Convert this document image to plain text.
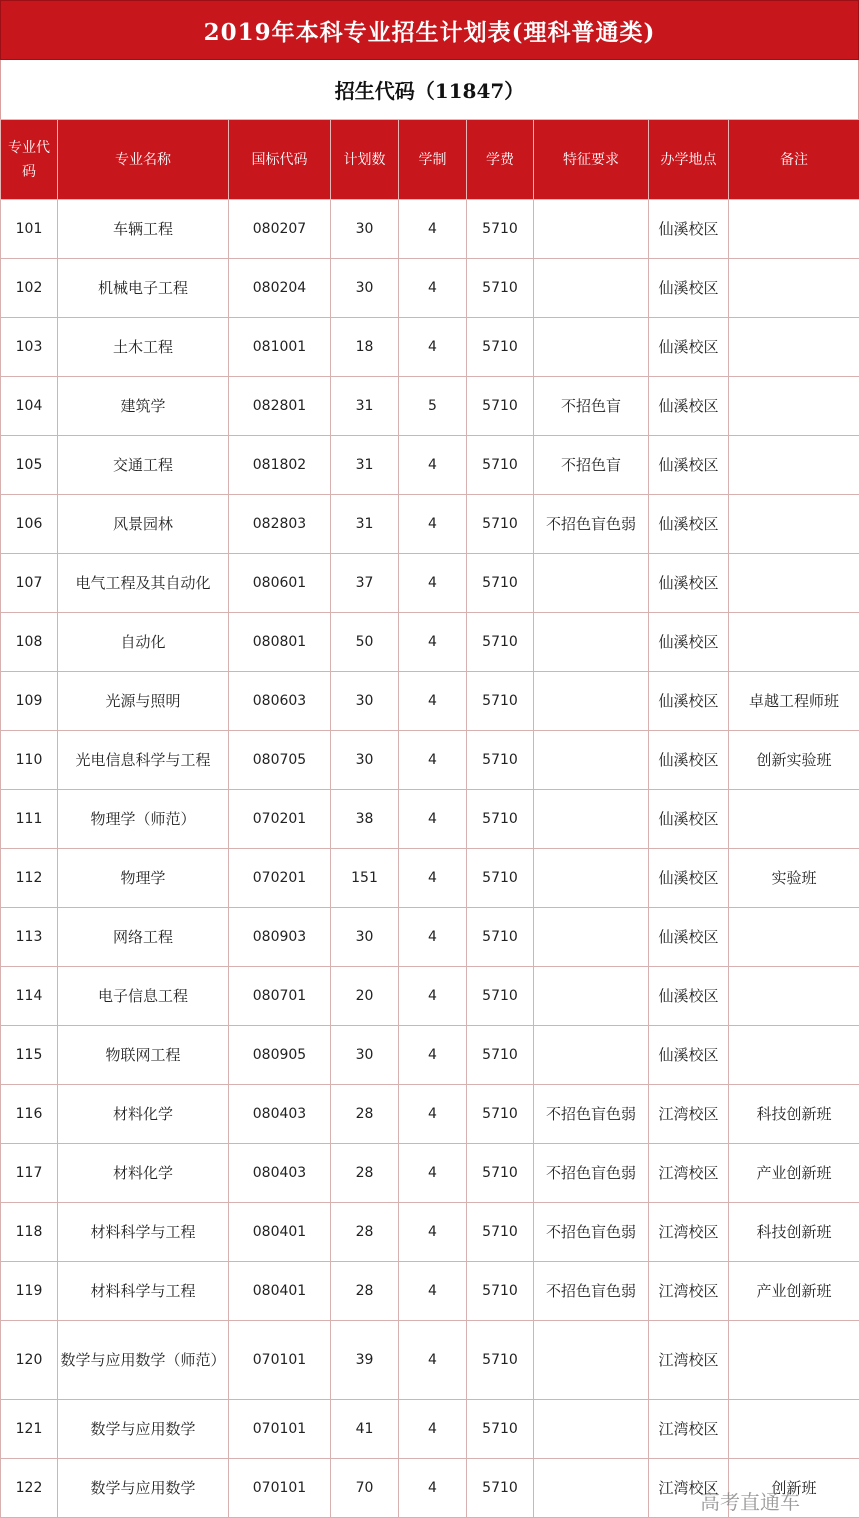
2019年本科专业招生计划表(理科普通类)
招生代码（11847）
专业代码	专业名称	国标代码	计划数	学制	学费	特征要求	办学地点	备注
101	车辆工程	080207	30	4	5710		仙溪校区	
102	机械电子工程	080204	30	4	5710		仙溪校区	
103	土木工程	081001	18	4	5710		仙溪校区	
104	建筑学	082801	31	5	5710	不招色盲	仙溪校区	
105	交通工程	081802	31	4	5710	不招色盲	仙溪校区	
106	风景园林	082803	31	4	5710	不招色盲色弱	仙溪校区	
107	电气工程及其自动化	080601	37	4	5710		仙溪校区	
108	自动化	080801	50	4	5710		仙溪校区	
109	光源与照明	080603	30	4	5710		仙溪校区	卓越工程师班
110	光电信息科学与工程	080705	30	4	5710		仙溪校区	创新实验班
111	物理学（师范）	070201	38	4	5710		仙溪校区	
112	物理学	070201	151	4	5710		仙溪校区	实验班
113	网络工程	080903	30	4	5710		仙溪校区	
114	电子信息工程	080701	20	4	5710		仙溪校区	
115	物联网工程	080905	30	4	5710		仙溪校区	
116	材料化学	080403	28	4	5710	不招色盲色弱	江湾校区	科技创新班
117	材料化学	080403	28	4	5710	不招色盲色弱	江湾校区	产业创新班
118	材料科学与工程	080401	28	4	5710	不招色盲色弱	江湾校区	科技创新班
119	材料科学与工程	080401	28	4	5710	不招色盲色弱	江湾校区	产业创新班
120	数学与应用数学（师范）	070101	39	4	5710		江湾校区	
121	数学与应用数学	070101	41	4	5710		江湾校区	
122	数学与应用数学	070101	70	4	5710		江湾校区	创新班
高考直通车
